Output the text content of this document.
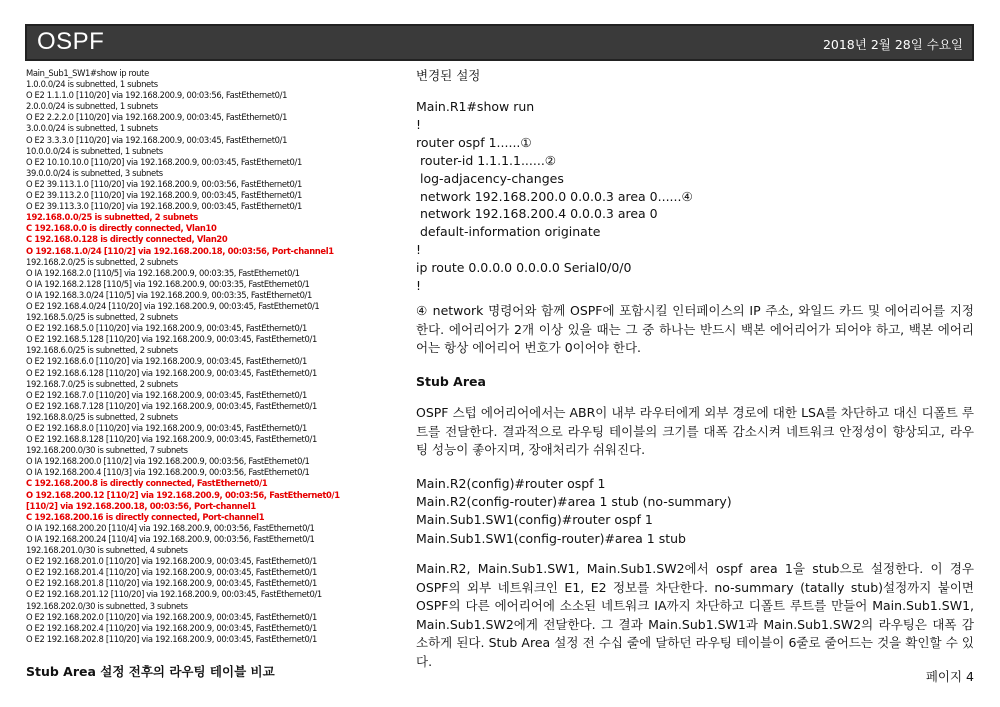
OSPF	2018년 2월 28일 수요일
Main_Sub1_SW1#show ip route
1.0.0.0/24 is subnetted, 1 subnets
O E2 1.1.1.0 [110/20] via 192.168.200.9, 00:03:56, FastEthernet0/1
2.0.0.0/24 is subnetted, 1 subnets
O E2 2.2.2.0 [110/20] via 192.168.200.9, 00:03:45, FastEthernet0/1
3.0.0.0/24 is subnetted, 1 subnets
O E2 3.3.3.0 [110/20] via 192.168.200.9, 00:03:45, FastEthernet0/1
10.0.0.0/24 is subnetted, 1 subnets
O E2 10.10.10.0 [110/20] via 192.168.200.9, 00:03:45, FastEthernet0/1
39.0.0.0/24 is subnetted, 3 subnets
O E2 39.113.1.0 [110/20] via 192.168.200.9, 00:03:56, FastEthernet0/1
O E2 39.113.2.0 [110/20] via 192.168.200.9, 00:03:45, FastEthernet0/1
O E2 39.113.3.0 [110/20] via 192.168.200.9, 00:03:45, FastEthernet0/1
192.168.0.0/25 is subnetted, 2 subnets
C 192.168.0.0 is directly connected, Vlan10
C 192.168.0.128 is directly connected, Vlan20
O 192.168.1.0/24 [110/2] via 192.168.200.18, 00:03:56, Port-channel1
192.168.2.0/25 is subnetted, 2 subnets
O IA 192.168.2.0 [110/5] via 192.168.200.9, 00:03:35, FastEthernet0/1
O IA 192.168.2.128 [110/5] via 192.168.200.9, 00:03:35, FastEthernet0/1
O IA 192.168.3.0/24 [110/5] via 192.168.200.9, 00:03:35, FastEthernet0/1
O E2 192.168.4.0/24 [110/20] via 192.168.200.9, 00:03:45, FastEthernet0/1
192.168.5.0/25 is subnetted, 2 subnets
O E2 192.168.5.0 [110/20] via 192.168.200.9, 00:03:45, FastEthernet0/1
O E2 192.168.5.128 [110/20] via 192.168.200.9, 00:03:45, FastEthernet0/1
192.168.6.0/25 is subnetted, 2 subnets
O E2 192.168.6.0 [110/20] via 192.168.200.9, 00:03:45, FastEthernet0/1
O E2 192.168.6.128 [110/20] via 192.168.200.9, 00:03:45, FastEthernet0/1
192.168.7.0/25 is subnetted, 2 subnets
O E2 192.168.7.0 [110/20] via 192.168.200.9, 00:03:45, FastEthernet0/1
O E2 192.168.7.128 [110/20] via 192.168.200.9, 00:03:45, FastEthernet0/1
192.168.8.0/25 is subnetted, 2 subnets
O E2 192.168.8.0 [110/20] via 192.168.200.9, 00:03:45, FastEthernet0/1
O E2 192.168.8.128 [110/20] via 192.168.200.9, 00:03:45, FastEthernet0/1
192.168.200.0/30 is subnetted, 7 subnets
O IA 192.168.200.0 [110/2] via 192.168.200.9, 00:03:56, FastEthernet0/1
O IA 192.168.200.4 [110/3] via 192.168.200.9, 00:03:56, FastEthernet0/1
C 192.168.200.8 is directly connected, FastEthernet0/1
O 192.168.200.12 [110/2] via 192.168.200.9, 00:03:56, FastEthernet0/1
[110/2] via 192.168.200.18, 00:03:56, Port-channel1
C 192.168.200.16 is directly connected, Port-channel1
O IA 192.168.200.20 [110/4] via 192.168.200.9, 00:03:56, FastEthernet0/1
O IA 192.168.200.24 [110/4] via 192.168.200.9, 00:03:56, FastEthernet0/1
192.168.201.0/30 is subnetted, 4 subnets
O E2 192.168.201.0 [110/20] via 192.168.200.9, 00:03:45, FastEthernet0/1
O E2 192.168.201.4 [110/20] via 192.168.200.9, 00:03:45, FastEthernet0/1
O E2 192.168.201.8 [110/20] via 192.168.200.9, 00:03:45, FastEthernet0/1
O E2 192.168.201.12 [110/20] via 192.168.200.9, 00:03:45, FastEthernet0/1
192.168.202.0/30 is subnetted, 3 subnets
O E2 192.168.202.0 [110/20] via 192.168.200.9, 00:03:45, FastEthernet0/1
O E2 192.168.202.4 [110/20] via 192.168.200.9, 00:03:45, FastEthernet0/1
O E2 192.168.202.8 [110/20] via 192.168.200.9, 00:03:45, FastEthernet0/1
Stub Area 설정 전후의 라우팅 테이블 비교
변경된 설정
Main.R1#show run
!
router ospf 1......①
router-id 1.1.1.1......②
log-adjacency-changes
network 192.168.200.0 0.0.0.3 area 0......④
network 192.168.200.4 0.0.0.3 area 0
default-information originate
!
ip route 0.0.0.0 0.0.0.0 Serial0/0/0
!
④ network 명령어와 함께 OSPF에 포함시킬 인터페이스의 IP 주소, 와일드 카드 및 에어리어를 지정한다. 에어리어가 2개 이상 있을 때는 그 중 하나는 반드시 백본 에어리어가 되어야 하고, 백본 에어리어는 항상 에어리어 번호가 0이어야 한다.
Stub Area
OSPF 스텁 에어리어에서는 ABR이 내부 라우터에게 외부 경로에 대한 LSA를 차단하고 대신 디폴트 루트를 전달한다. 결과적으로 라우팅 테이블의 크기를 대폭 감소시켜 네트워크 안정성이 향상되고, 라우팅 성능이 좋아지며, 장애처리가 쉬워진다.
Main.R2(config)#router ospf 1
Main.R2(config-router)#area 1 stub (no-summary)
Main.Sub1.SW1(config)#router ospf 1
Main.Sub1.SW1(config-router)#area 1 stub
Main.R2, Main.Sub1.SW1, Main.Sub1.SW2에서 ospf area 1을 stub으로 설정한다. 이 경우 OSPF의 외부 네트워크인 E1, E2 정보를 차단한다. no-summary (tatally stub)설정까지 붙이면 OSPF의 다른 에어리어에 소소된 네트워크 IA까지 차단하고 디폴트 루트를 만들어 Main.Sub1.SW1, Main.Sub1.SW2에게 전달한다. 그 결과 Main.Sub1.SW1과 Main.Sub1.SW2의 라우팅은 대폭 감소하게 된다. Stub Area 설정 전 수십 줄에 달하던 라우팅 테이블이 6줄로 줄어드는 것을 확인할 수 있다.
페이지 4
